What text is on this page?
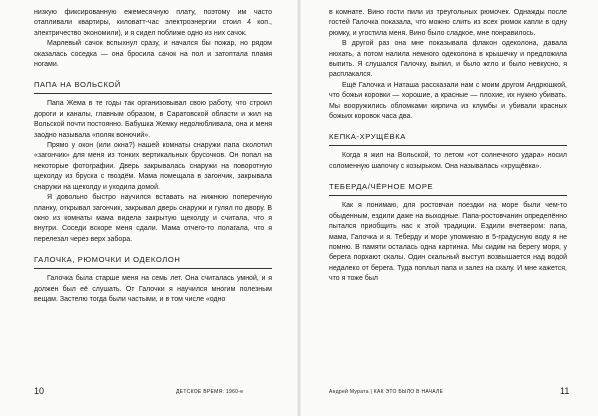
низкую фиксированную ежемесячную плату, поэтому им часто отапливали квартиры, киловатт-час электроэнергии стоил 4 коп., электричество экономили), и я сидел поближе одно из них сачок.

Марлевый сачок вспыхнул сразу, и начался бы пожар, но рядом оказалась соседка — она бросила сачок на пол и затоптала пламя ногами.

ПАПА НА ВОЛЬСКОЙ

Папа Жема в те годы так организовывал свою работу, что строил дороги и каналы, главным образом, в Саратовской области и жил на Вольской почти постоянно. Бабушка Жемку недолюбливала, она и меня заодно называла «поляк вонючий».

Прямо у окон (или окна?) нашей комнаты снаружи папа сколотил «загончик» для меня из тонких вертикальных брусочков. Он попал на некоторые фотографии. Дверь закрывалась снаружи на поворотную щеколду из бруска с гвоздём. Мама помещала в загончик, закрывала снаружи на щеколду и уходила домой.

Я довольно быстро научился вставать на нижнюю поперечную планку, открывал загончик, закрывал дверь снаружи и гулял по двору. В окно из комнаты мама видела закрытую щеколду и считала, что я внутри. Соседи вскоре меня сдали. Мама отчего-то полагала, что я перелезал через верх забора.

ГАЛОЧКА, РЮМОЧКИ И ОДЕКОЛОН

Галочка была старше меня на семь лет. Она считалась умной, и я должен был её слушать. От Галочки я научился многим полезным вещам. Застелю тогда были частыми, и в том числе «одно

в комнате. Вино гости пили из треугольных рюмочек. Однажды после гостей Галочка показала, что можно слить из всех рюмок капли в одну рюмку, и угостила меня. Вино было сладкое, мне понравилось.

В другой раз она мне показывала флакон одеколона, давала нюхать, а потом налила немного одеколона в крышечку и предложила выпить. Я слушался Галочку, выпил, и было жгло и было невкусно, я расплакался.

Ещё Галочка и Наташа рассказали нам с моим другом Андрюшкой, что божьи коровки — хорошие, а красные — плохие, их нужно убивать. Мы вооружились обломками кирпича из клумбы и убивали красных божьих коровок часа два.

КЕПКА-ХРУЩЁВКА

Когда я жил на Вольской, то летом «от солнечного удара» носил соломенную шапочку с козырьком. Она называлась «хрущёвка».

ТЕБЕРДА/ЧЁРНОЕ МОРЕ

Как я понимаю, для ростовчан поездки на море были чем-то обыденным, ездили даже на выходные. Папа-ростовчанин определённо пытался приобщить нас к этой традиции. Ездили вчетвером: папа, мама, Галочка и я. Теберду и море упоминаю в 5-градусную воду я не помню. В памяти осталась одна картинка. Мы сидим на берегу моря, у берега порхают скалы. Один скальный выступ возвышается над водой недалеко от берега. Туда поплыл папа и залез на скалу. И мне кажется, что я тоже был

10	ДЕТСКОЕ ВРЕМЯ: 1960-е	Андрей Мурата | КАК ЭТО БЫЛО В НАЧАЛЕ	11
